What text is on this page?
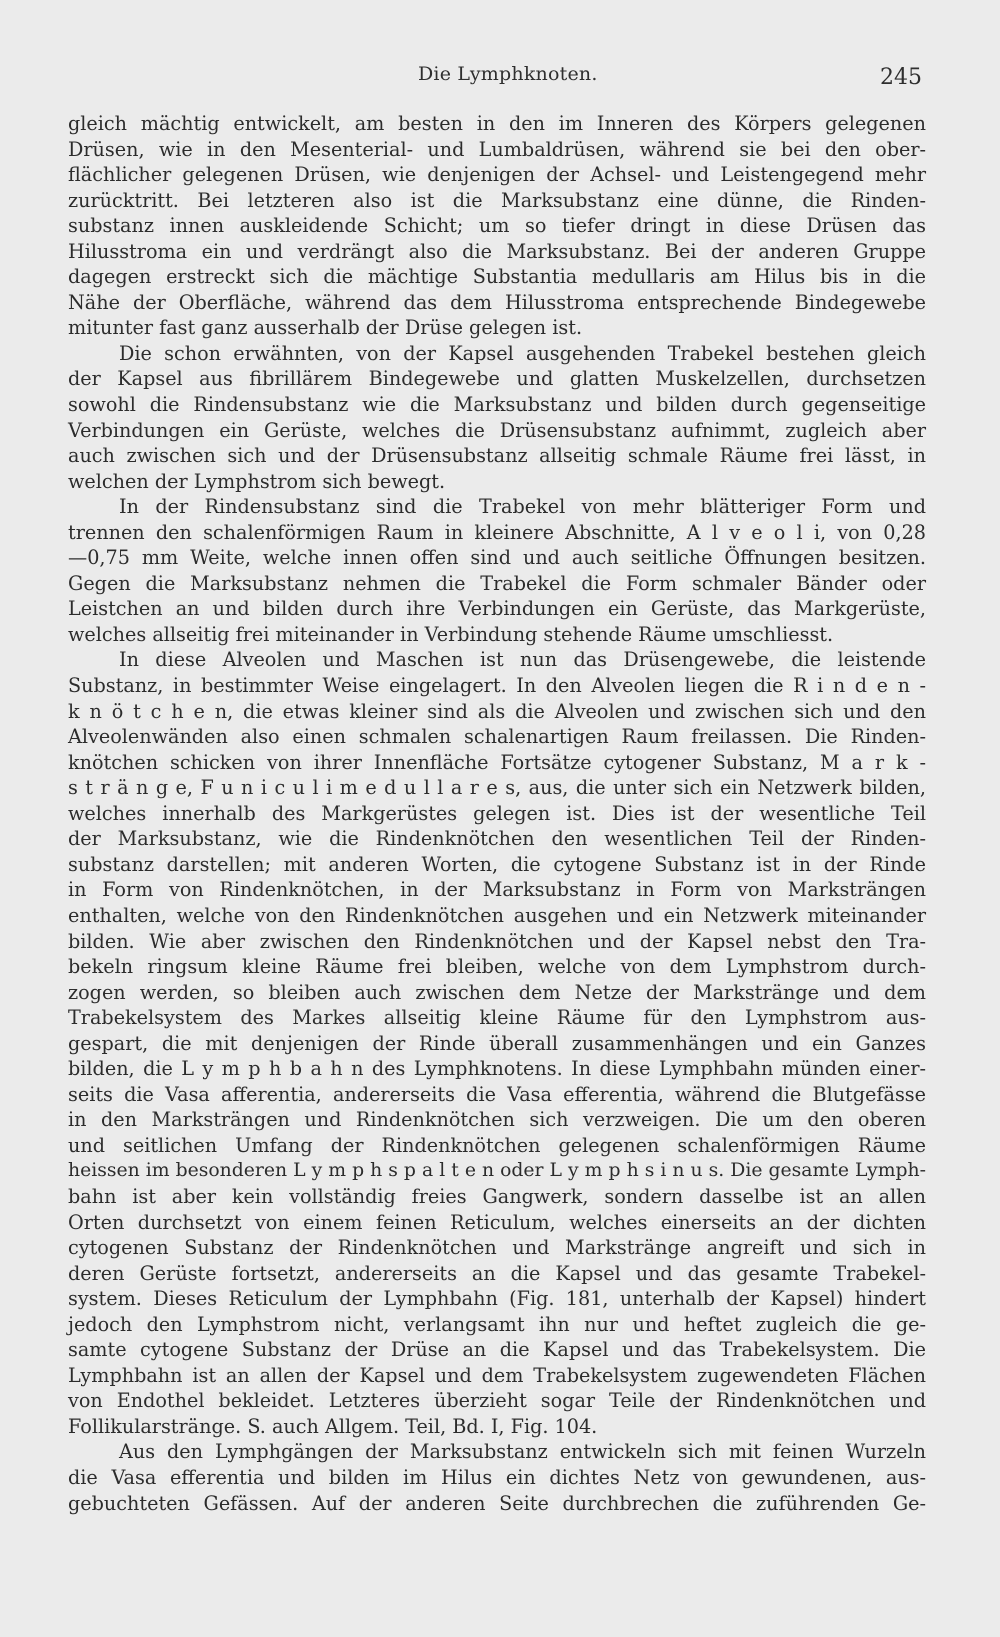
Die Lymphknoten.	245
gleich mächtig entwickelt, am besten in den im Inneren des Körpers gelegenen
Drüsen, wie in den Mesenterial- und Lumbaldrüsen, während sie bei den ober-
flächlicher gelegenen Drüsen, wie denjenigen der Achsel- und Leistengegend mehr
zurücktritt. Bei letzteren also ist die Marksubstanz eine dünne, die Rinden-
substanz innen auskleidende Schicht; um so tiefer dringt in diese Drüsen das
Hilusstroma ein und verdrängt also die Marksubstanz. Bei der anderen Gruppe
dagegen erstreckt sich die mächtige Substantia medullaris am Hilus bis in die
Nähe der Oberfläche, während das dem Hilusstroma entsprechende Bindegewebe
mitunter fast ganz ausserhalb der Drüse gelegen ist.
Die schon erwähnten, von der Kapsel ausgehenden Trabekel bestehen gleich
der Kapsel aus fibrillärem Bindegewebe und glatten Muskelzellen, durchsetzen
sowohl die Rindensubstanz wie die Marksubstanz und bilden durch gegenseitige
Verbindungen ein Gerüste, welches die Drüsensubstanz aufnimmt, zugleich aber
auch zwischen sich und der Drüsensubstanz allseitig schmale Räume frei lässt, in
welchen der Lymphstrom sich bewegt.
In der Rindensubstanz sind die Trabekel von mehr blätteriger Form und
trennen den schalenförmigen Raum in kleinere Abschnitte, A l v e o l i, von 0,28
—0,75 mm Weite, welche innen offen sind und auch seitliche Öffnungen besitzen.
Gegen die Marksubstanz nehmen die Trabekel die Form schmaler Bänder oder
Leistchen an und bilden durch ihre Verbindungen ein Gerüste, das Markgerüste,
welches allseitig frei miteinander in Verbindung stehende Räume umschliesst.
In diese Alveolen und Maschen ist nun das Drüsengewebe, die leistende
Substanz, in bestimmter Weise eingelagert. In den Alveolen liegen die R i n d e n -
k n ö t c h e n, die etwas kleiner sind als die Alveolen und zwischen sich und den
Alveolenwänden also einen schmalen schalenartigen Raum freilassen. Die Rinden-
knötchen schicken von ihrer Innenfläche Fortsätze cytogener Substanz, M a r k -
s t r ä n g e, F u n i c u l i m e d u l l a r e s, aus, die unter sich ein Netzwerk bilden,
welches innerhalb des Markgerüstes gelegen ist. Dies ist der wesentliche Teil
der Marksubstanz, wie die Rindenknötchen den wesentlichen Teil der Rinden-
substanz darstellen; mit anderen Worten, die cytogene Substanz ist in der Rinde
in Form von Rindenknötchen, in der Marksubstanz in Form von Marksträngen
enthalten, welche von den Rindenknötchen ausgehen und ein Netzwerk miteinander
bilden. Wie aber zwischen den Rindenknötchen und der Kapsel nebst den Tra-
bekeln ringsum kleine Räume frei bleiben, welche von dem Lymphstrom durch-
zogen werden, so bleiben auch zwischen dem Netze der Markstränge und dem
Trabekelsystem des Markes allseitig kleine Räume für den Lymphstrom aus-
gespart, die mit denjenigen der Rinde überall zusammenhängen und ein Ganzes
bilden, die L y m p h b a h n des Lymphknotens. In diese Lymphbahn münden einer-
seits die Vasa afferentia, andererseits die Vasa efferentia, während die Blutgefässe
in den Marksträngen und Rindenknötchen sich verzweigen. Die um den oberen
und seitlichen Umfang der Rindenknötchen gelegenen schalenförmigen Räume
heissen im besonderen L y m p h s p a l t e n oder L y m p h s i n u s. Die gesamte Lymph-
bahn ist aber kein vollständig freies Gangwerk, sondern dasselbe ist an allen
Orten durchsetzt von einem feinen Reticulum, welches einerseits an der dichten
cytogenen Substanz der Rindenknötchen und Markstränge angreift und sich in
deren Gerüste fortsetzt, andererseits an die Kapsel und das gesamte Trabekel-
system. Dieses Reticulum der Lymphbahn (Fig. 181, unterhalb der Kapsel) hindert
jedoch den Lymphstrom nicht, verlangsamt ihn nur und heftet zugleich die ge-
samte cytogene Substanz der Drüse an die Kapsel und das Trabekelsystem. Die
Lymphbahn ist an allen der Kapsel und dem Trabekelsystem zugewendeten Flächen
von Endothel bekleidet. Letzteres überzieht sogar Teile der Rindenknötchen und
Follikularstränge. S. auch Allgem. Teil, Bd. I, Fig. 104.
Aus den Lymphgängen der Marksubstanz entwickeln sich mit feinen Wurzeln
die Vasa efferentia und bilden im Hilus ein dichtes Netz von gewundenen, aus-
gebuchteten Gefässen. Auf der anderen Seite durchbrechen die zuführenden Ge-
